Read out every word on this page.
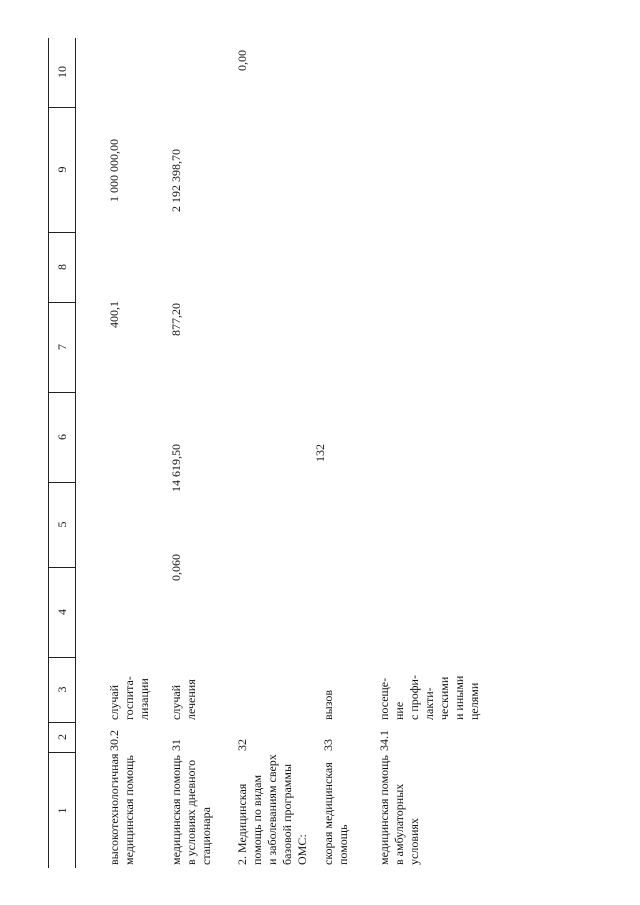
132
1
2
3
4
5
6
7
8
9
10
высокотехнологичная
медицинская помощь
30.2
случай
госпита-
лизации
400,1
1 000 000,00
медицинская помощь
в условиях дневного
стационара
31
случай
лечения
0,060
14 619,50
877,20
2 192 398,70
2. Медицинская
помощь по видам
и заболеваниям сверх
базовой программы
ОМС:
32
0,00
скорая медицинская
помощь
33
вызов
медицинская помощь
в амбулаторных
условиях
34.1
посеще-
ние
с профи-
лакти-
ческими
и иными
целями
